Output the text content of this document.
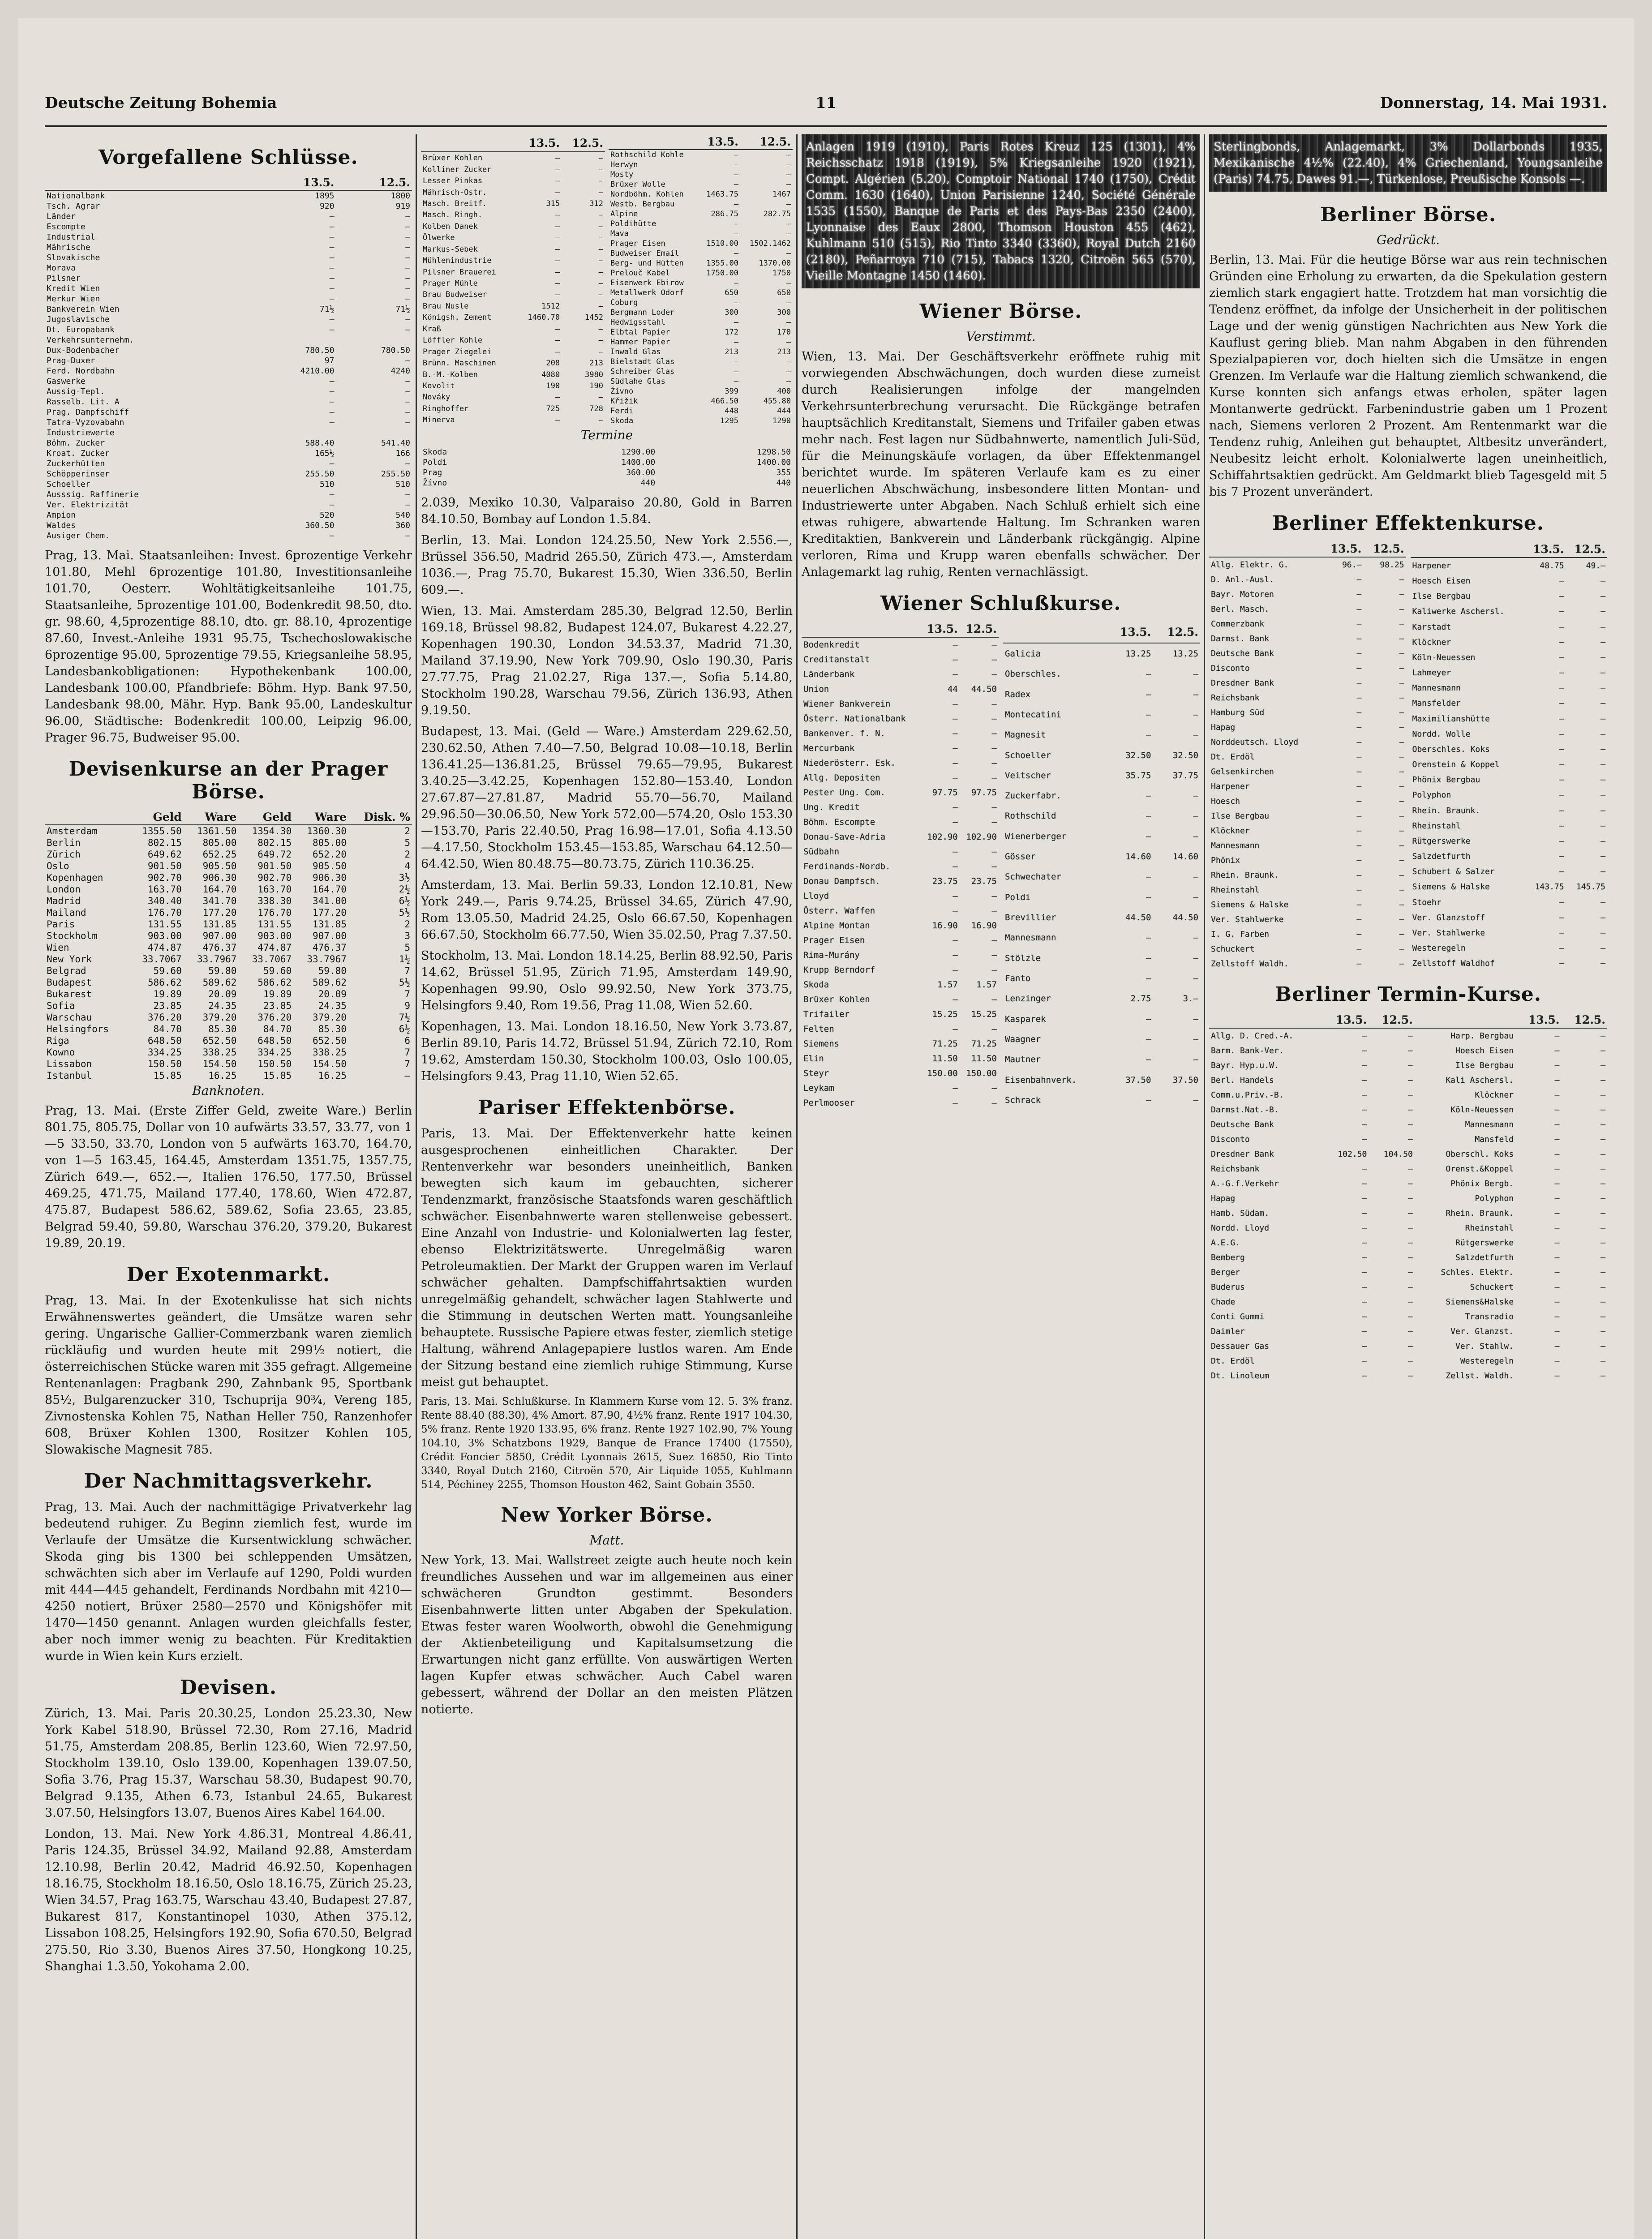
Deutsche Zeitung Bohemia	11	Donnerstag, 14. Mai 1931.
Vorgefallene Schlüsse.
	13.5.	12.5.
Nationalbank	1895	1800
Tsch. Agrar	920	919
Länder	—	—
Escompte	—	—
Industrial	—	—
Mährische	—	—
Slovakische	—	—
Morava	—	—
Pilsner	—	—
Kredit Wien	—	—
Merkur Wien	—	—
Bankverein Wien	71½	71½
Jugoslavische	—	—
Dt. Europabank	—	—
Verkehrsunternehm.		
Dux-Bodenbacher	780.50	780.50
Prag-Duxer	97	—
Ferd. Nordbahn	4210.00	4240
Gaswerke	—	—
Aussig-Tepl.	—	—
Rasselb. Lit. A	—	—
Prag. Dampfschiff	—	—
Tatra-Vyzovabahn	—	—
Industriewerte		
Böhm. Zucker	588.40	541.40
Kroat. Zucker	165½	166
Zuckerhütten	—	—
Schöpperinser	255.50	255.50
Schoeller	510	510
Ausssig. Raffinerie	—	—
Ver. Elektrizität	—	—
Ampion	520	540
Waldes	360.50	360
Ausiger Chem.	—	—

Prag, 13. Mai. Staatsanleihen: Invest. 6prozentige Verkehr 101.80, Mehl 6prozentige 101.80, Investitionsanleihe 101.70, Oesterr. Wohltätigkeitsanleihe 101.75, Staatsanleihe, 5prozentige 101.00, Bodenkredit 98.50, dto. gr. 98.60, 4,5prozentige 88.10, dto. gr. 88.10, 4prozentige 87.60, Invest.-Anleihe 1931 95.75, Tschechoslowakische 6prozentige 95.00, 5prozentige 79.55, Kriegsanleihe 58.95, Landesbankobligationen: Hypothekenbank 100.00, Landesbank 100.00, Pfandbriefe: Böhm. Hyp. Bank 97.50, Landesbank 98.00, Mähr. Hyp. Bank 95.00, Landeskultur 96.00, Städtische: Bodenkredit 100.00, Leipzig 96.00, Prager 96.75, Budweiser 95.00.

Devisenkurse an der Prager Börse.
	Geld	Ware	Geld	Ware	Disk. %
Amsterdam	1355.50	1361.50	1354.30	1360.30	2
Berlin	802.15	805.00	802.15	805.00	5
Zürich	649.62	652.25	649.72	652.20	2
Oslo	901.50	905.50	901.50	905.50	4
Kopenhagen	902.70	906.30	902.70	906.30	3½
London	163.70	164.70	163.70	164.70	2½
Madrid	340.40	341.70	338.30	341.00	6½
Mailand	176.70	177.20	176.70	177.20	5½
Paris	131.55	131.85	131.55	131.85	2
Stockholm	903.00	907.00	903.00	907.00	3
Wien	474.87	476.37	474.87	476.37	5
New York	33.7067	33.7967	33.7067	33.7967	1½
Belgrad	59.60	59.80	59.60	59.80	7
Budapest	586.62	589.62	586.62	589.62	5½
Bukarest	19.89	20.09	19.89	20.09	7
Sofia	23.85	24.35	23.85	24.35	9
Warschau	376.20	379.20	376.20	379.20	7½
Helsingfors	84.70	85.30	84.70	85.30	6½
Riga	648.50	652.50	648.50	652.50	6
Kowno	334.25	338.25	334.25	338.25	7
Lissabon	150.50	154.50	150.50	154.50	7
Istanbul	15.85	16.25	15.85	16.25	—
Banknoten.

Prag, 13. Mai. (Erste Ziffer Geld, zweite Ware.) Berlin 801.75, 805.75, Dollar von 10 aufwärts 33.57, 33.77, von 1—5 33.50, 33.70, London von 5 aufwärts 163.70, 164.70, von 1—5 163.45, 164.45, Amsterdam 1351.75, 1357.75, Zürich 649.—, 652.—, Italien 176.50, 177.50, Brüssel 469.25, 471.75, Mailand 177.40, 178.60, Wien 472.87, 475.87, Budapest 586.62, 589.62, Sofia 23.65, 23.85, Belgrad 59.40, 59.80, Warschau 376.20, 379.20, Bukarest 19.89, 20.19.

Der Exotenmarkt.

Prag, 13. Mai. In der Exotenkulisse hat sich nichts Erwähnenswertes geändert, die Umsätze waren sehr gering. Ungarische Gallier-Commerzbank waren ziemlich rückläufig und wurden heute mit 299½ notiert, die österreichischen Stücke waren mit 355 gefragt. Allgemeine Rentenanlagen: Pragbank 290, Zahnbank 95, Sportbank 85½, Bulgarenzucker 310, Tschuprija 90¾, Vereng 185, Zivnostenska Kohlen 75, Nathan Heller 750, Ranzenhofer 608, Brüxer Kohlen 1300, Rositzer Kohlen 105, Slowakische Magnesit 785.

Der Nachmittagsverkehr.

Prag, 13. Mai. Auch der nachmittägige Privatverkehr lag bedeutend ruhiger. Zu Beginn ziemlich fest, wurde im Verlaufe der Umsätze die Kursentwicklung schwächer. Skoda ging bis 1300 bei schleppenden Umsätzen, schwächten sich aber im Verlaufe auf 1290, Poldi wurden mit 444—445 gehandelt, Ferdinands Nordbahn mit 4210—4250 notiert, Brüxer 2580—2570 und Königshöfer mit 1470—1450 genannt. Anlagen wurden gleichfalls fester, aber noch immer wenig zu beachten. Für Kreditaktien wurde in Wien kein Kurs erzielt.

Devisen.

Zürich, 13. Mai. Paris 20.30.25, London 25.23.30, New York Kabel 518.90, Brüssel 72.30, Rom 27.16, Madrid 51.75, Amsterdam 208.85, Berlin 123.60, Wien 72.97.50, Stockholm 139.10, Oslo 139.00, Kopenhagen 139.07.50, Sofia 3.76, Prag 15.37, Warschau 58.30, Budapest 90.70, Belgrad 9.135, Athen 6.73, Istanbul 24.65, Bukarest 3.07.50, Helsingfors 13.07, Buenos Aires Kabel 164.00.

London, 13. Mai. New York 4.86.31, Montreal 4.86.41, Paris 124.35, Brüssel 34.92, Mailand 92.88, Amsterdam 12.10.98, Berlin 20.42, Madrid 46.92.50, Kopenhagen 18.16.75, Stockholm 18.16.50, Oslo 18.16.75, Zürich 25.23, Wien 34.57, Prag 163.75, Warschau 43.40, Budapest 27.87, Bukarest 817, Konstantinopel 1030, Athen 375.12, Lissabon 108.25, Helsingfors 192.90, Sofia 670.50, Belgrad 275.50, Rio 3.30, Buenos Aires 37.50, Hongkong 10.25, Shanghai 1.3.50, Yokohama 2.00.

	13.5.	12.5.
Brüxer Kohlen	—	—
Kolliner Zucker	—	—
Lesser Pinkas	—	—
Mährisch-Ostr.	—	—
Masch. Breitf.	315	312
Masch. Ringh.	—	—
Kolben Danek	—	—
Ölwerke	—	—
Markus-Sebek	—	—
Mühlenindustrie	—	—
Pilsner Brauerei	—	—
Prager Mühle	—	—
Brau Budweiser	—	—
Brau Nusle	1512	—
Königsh. Zement	1460.70	1452
Kraß	—	—
Löffler Kohle	—	—
Prager Ziegelei	—	—
Brünn. Maschinen	208	213
B.-M.-Kolben	4080	3980
Kovolit	190	190
Nováky	—	—
Ringhoffer	725	728
Minerva	—	—
	13.5.	12.5.
Rothschild Kohle	—	—
Herwyn	—	—
Mosty	—	—
Brüxer Wolle	—	—
Nordböhm. Kohlen	1463.75	1467
Westb. Bergbau	—	—
Alpine	286.75	282.75
Poldihütte	—	—
Mava	—	—
Prager Eisen	1510.00	1502.1462
Budweiser Email	—	—
Berg- und Hütten	1355.00	1370.00
Prelouč Kabel	1750.00	1750
Eisenwerk Ebirow	—	—
Metallwerk Odorf	650	650
Coburg	—	—
Bergmann Loder	300	300
Hedwigsstahl	—	—
Elbtal Papier	172	170
Hammer Papier	—	—
Inwald Glas	213	213
Bielstadt Glas	—	—
Schreiber Glas	—	—
Südlahe Glas	—	—
Žívno	399	400
Křižik	466.50	455.80
Ferdi	448	444
Skoda	1295	1290
Termine
Skoda	1290.00	1298.50
Poldi	1400.00	1400.00
Prag	360.00	355
Žívno	440	440

2.039, Mexiko 10.30, Valparaiso 20.80, Gold in Barren 84.10.50, Bombay auf London 1.5.84.

Berlin, 13. Mai. London 124.25.50, New York 2.556.—, Brüssel 356.50, Madrid 265.50, Zürich 473.—, Amsterdam 1036.—, Prag 75.70, Bukarest 15.30, Wien 336.50, Berlin 609.—.

Wien, 13. Mai. Amsterdam 285.30, Belgrad 12.50, Berlin 169.18, Brüssel 98.82, Budapest 124.07, Bukarest 4.22.27, Kopenhagen 190.30, London 34.53.37, Madrid 71.30, Mailand 37.19.90, New York 709.90, Oslo 190.30, Paris 27.77.75, Prag 21.02.27, Riga 137.—, Sofia 5.14.80, Stockholm 190.28, Warschau 79.56, Zürich 136.93, Athen 9.19.50.

Budapest, 13. Mai. (Geld — Ware.) Amsterdam 229.62.50, 230.62.50, Athen 7.40—7.50, Belgrad 10.08—10.18, Berlin 136.41.25—136.81.25, Brüssel 79.65—79.95, Bukarest 3.40.25—3.42.25, Kopenhagen 152.80—153.40, London 27.67.87—27.81.87, Madrid 55.70—56.70, Mailand 29.96.50—30.06.50, New York 572.00—574.20, Oslo 153.30—153.70, Paris 22.40.50, Prag 16.98—17.01, Sofia 4.13.50—4.17.50, Stockholm 153.45—153.85, Warschau 64.12.50—64.42.50, Wien 80.48.75—80.73.75, Zürich 110.36.25.

Amsterdam, 13. Mai. Berlin 59.33, London 12.10.81, New York 249.—, Paris 9.74.25, Brüssel 34.65, Zürich 47.90, Rom 13.05.50, Madrid 24.25, Oslo 66.67.50, Kopenhagen 66.67.50, Stockholm 66.77.50, Wien 35.02.50, Prag 7.37.50.

Stockholm, 13. Mai. London 18.14.25, Berlin 88.92.50, Paris 14.62, Brüssel 51.95, Zürich 71.95, Amsterdam 149.90, Kopenhagen 99.90, Oslo 99.92.50, New York 373.75, Helsingfors 9.40, Rom 19.56, Prag 11.08, Wien 52.60.

Kopenhagen, 13. Mai. London 18.16.50, New York 3.73.87, Berlin 89.10, Paris 14.72, Brüssel 51.94, Zürich 72.10, Rom 19.62, Amsterdam 150.30, Stockholm 100.03, Oslo 100.05, Helsingfors 9.43, Prag 11.10, Wien 52.65.

Pariser Effektenbörse.

Paris, 13. Mai. Der Effektenverkehr hatte keinen ausgesprochenen einheitlichen Charakter. Der Rentenverkehr war besonders uneinheitlich, Banken bewegten sich kaum im gebauchten, sicherer Tendenzmarkt, französische Staatsfonds waren geschäftlich schwächer. Eisenbahnwerte waren stellenweise gebessert. Eine Anzahl von Industrie- und Kolonialwerten lag fester, ebenso Elektrizitätswerte. Unregelmäßig waren Petroleumaktien. Der Markt der Gruppen waren im Verlauf schwächer gehalten. Dampfschiffahrtsaktien wurden unregelmäßig gehandelt, schwächer lagen Stahlwerte und die Stimmung in deutschen Werten matt. Youngsanleihe behauptete. Russische Papiere etwas fester, ziemlich stetige Haltung, während Anlagepapiere lustlos waren. Am Ende der Sitzung bestand eine ziemlich ruhige Stimmung, Kurse meist gut behauptet.

Paris, 13. Mai. Schlußkurse. In Klammern Kurse vom 12. 5. 3% franz. Rente 88.40 (88.30), 4% Amort. 87.90, 4½% franz. Rente 1917 104.30, 5% franz. Rente 1920 133.95, 6% franz. Rente 1927 102.90, 7% Young 104.10, 3% Schatzbons 1929, Banque de France 17400 (17550), Crédit Foncier 5850, Crédit Lyonnais 2615, Suez 16850, Rio Tinto 3340, Royal Dutch 2160, Citroën 570, Air Liquide 1055, Kuhlmann 514, Péchiney 2255, Thomson Houston 462, Saint Gobain 3550.

New Yorker Börse.
Matt.

New York, 13. Mai. Wallstreet zeigte auch heute noch kein freundliches Aussehen und war im allgemeinen aus einer schwächeren Grundton gestimmt. Besonders Eisenbahnwerte litten unter Abgaben der Spekulation. Etwas fester waren Woolworth, obwohl die Genehmigung der Aktienbeteiligung und Kapitalsumsetzung die Erwartungen nicht ganz erfüllte. Von auswärtigen Werten lagen Kupfer etwas schwächer. Auch Cabel waren gebessert, während der Dollar an den meisten Plätzen notierte.

Anlagen 1919 (1910), Paris Rotes Kreuz 125 (1301), 4% Reichsschatz 1918 (1919), 5% Kriegsanleihe 1920 (1921), Compt. Algérien (5.20), Comptoir National 1740 (1750), Crédit Comm. 1630 (1640), Union Parisienne 1240, Société Générale 1535 (1550), Banque de Paris et des Pays-Bas 2350 (2400), Lyonnaise des Eaux 2800, Thomson Houston 455 (462), Kuhlmann 510 (515), Rio Tinto 3340 (3360), Royal Dutch 2160 (2180), Peñarroya 710 (715), Tabacs 1320, Citroën 565 (570), Vieille Montagne 1450 (1460).
Wiener Börse.
Verstimmt.

Wien, 13. Mai. Der Geschäftsverkehr eröffnete ruhig mit vorwiegenden Abschwächungen, doch wurden diese zumeist durch Realisierungen infolge der mangelnden Verkehrsunterbrechung verursacht. Die Rückgänge betrafen hauptsächlich Kreditanstalt, Siemens und Trifailer gaben etwas mehr nach. Fest lagen nur Südbahnwerte, namentlich Juli-Süd, für die Meinungskäufe vorlagen, da über Effektenmangel berichtet wurde. Im späteren Verlaufe kam es zu einer neuerlichen Abschwächung, insbesondere litten Montan- und Industriewerte unter Abgaben. Nach Schluß erhielt sich eine etwas ruhigere, abwartende Haltung. Im Schranken waren Kreditaktien, Bankverein und Länderbank rückgängig. Alpine verloren, Rima und Krupp waren ebenfalls schwächer. Der Anlagemarkt lag ruhig, Renten vernachlässigt.

Wiener Schlußkurse.
	13.5.	12.5.
Bodenkredit	—	—
Creditanstalt	—	—
Länderbank	—	—
Union	44	44.50
Wiener Bankverein	—	—
Österr. Nationalbank	—	—
Bankenver. f. N.	—	—
Mercurbank	—	—
Niederösterr. Esk.	—	—
Allg. Depositen	—	—
Pester Ung. Com.	97.75	97.75
Ung. Kredit	—	—
Böhm. Escompte	—	—
Donau-Save-Adria	102.90	102.90
Südbahn	—	—
Ferdinands-Nordb.	—	—
Donau Dampfsch.	23.75	23.75
Lloyd	—	—
Österr. Waffen	—	—
Alpine Montan	16.90	16.90
Prager Eisen	—	—
Rima-Murány	—	—
Krupp Berndorf	—	—
Skoda	1.57	1.57
Brüxer Kohlen	—	—
Trifailer	15.25	15.25
Felten	—	—
Siemens	71.25	71.25
Elin	11.50	11.50
Steyr	150.00	150.00
Leykam	—	—
Perlmooser	—	—
	13.5.	12.5.
Galicia	13.25	13.25
Oberschles.	—	—
Radex	—	—
Montecatini	—	—
Magnesit	—	—
Schoeller	32.50	32.50
Veitscher	35.75	37.75
Zuckerfabr.	—	—
Rothschild	—	—
Wienerberger	—	—
Gösser	14.60	14.60
Schwechater	—	—
Poldi	—	—
Brevillier	44.50	44.50
Mannesmann	—	—
Stölzle	—	—
Fanto	—	—
Lenzinger	2.75	3.—
Kasparek	—	—
Waagner	—	—
Mautner	—	—
Eisenbahnverk.	37.50	37.50
Schrack	—	—
Sterlingbonds, Anlagemarkt, 3% Dollarbonds 1935, Mexikanische 4½% (22.40), 4% Griechenland, Youngsanleihe (Paris) 74.75, Dawes 91.—, Türkenlose, Preußische Konsols —.
Berliner Börse.
Gedrückt.

Berlin, 13. Mai. Für die heutige Börse war aus rein technischen Gründen eine Erholung zu erwarten, da die Spekulation gestern ziemlich stark engagiert hatte. Trotzdem hat man vorsichtig die Tendenz eröffnet, da infolge der Unsicherheit in der politischen Lage und der wenig günstigen Nachrichten aus New York die Kauflust gering blieb. Man nahm Abgaben in den führenden Spezialpapieren vor, doch hielten sich die Umsätze in engen Grenzen. Im Verlaufe war die Haltung ziemlich schwankend, die Kurse konnten sich anfangs etwas erholen, später lagen Montanwerte gedrückt. Farbenindustrie gaben um 1 Prozent nach, Siemens verloren 2 Prozent. Am Rentenmarkt war die Tendenz ruhig, Anleihen gut behauptet, Altbesitz unverändert, Neubesitz leicht erholt. Kolonialwerte lagen uneinheitlich, Schiffahrtsaktien gedrückt. Am Geldmarkt blieb Tagesgeld mit 5 bis 7 Prozent unverändert.

Berliner Effektenkurse.
	13.5.	12.5.
Allg. Elektr. G.	96.—	98.25
D. Anl.-Ausl.	—	—
Bayr. Motoren	—	—
Berl. Masch.	—	—
Commerzbank	—	—
Darmst. Bank	—	—
Deutsche Bank	—	—
Disconto	—	—
Dresdner Bank	—	—
Reichsbank	—	—
Hamburg Süd	—	—
Hapag	—	—
Norddeutsch. Lloyd	—	—
Dt. Erdöl	—	—
Gelsenkirchen	—	—
Harpener	—	—
Hoesch	—	—
Ilse Bergbau	—	—
Klöckner	—	—
Mannesmann	—	—
Phönix	—	—
Rhein. Braunk.	—	—
Rheinstahl	—	—
Siemens & Halske	—	—
Ver. Stahlwerke	—	—
I. G. Farben	—	—
Schuckert	—	—
Zellstoff Waldh.	—	—
	13.5.	12.5.
Harpener	48.75	49.—
Hoesch Eisen	—	—
Ilse Bergbau	—	—
Kaliwerke Aschersl.	—	—
Karstadt	—	—
Klöckner	—	—
Köln-Neuessen	—	—
Lahmeyer	—	—
Mannesmann	—	—
Mansfelder	—	—
Maximilianshütte	—	—
Nordd. Wolle	—	—
Oberschles. Koks	—	—
Orenstein & Koppel	—	—
Phönix Bergbau	—	—
Polyphon	—	—
Rhein. Braunk.	—	—
Rheinstahl	—	—
Rütgerswerke	—	—
Salzdetfurth	—	—
Schubert & Salzer	—	—
Siemens & Halske	143.75	145.75
Stoehr	—	—
Ver. Glanzstoff	—	—
Ver. Stahlwerke	—	—
Westeregeln	—	—
Zellstoff Waldhof	—	—
Berliner Termin-Kurse.
	13.5.	12.5.		13.5.	12.5.
Allg. D. Cred.-A.	—	—	Harp. Bergbau	—	—
Barm. Bank-Ver.	—	—	Hoesch Eisen	—	—
Bayr. Hyp.u.W.	—	—	Ilse Bergbau	—	—
Berl. Handels	—	—	Kali Aschersl.	—	—
Comm.u.Priv.-B.	—	—	Klöckner	—	—
Darmst.Nat.-B.	—	—	Köln-Neuessen	—	—
Deutsche Bank	—	—	Mannesmann	—	—
Disconto	—	—	Mansfeld	—	—
Dresdner Bank	102.50	104.50	Oberschl. Koks	—	—
Reichsbank	—	—	Orenst.&Koppel	—	—
A.-G.f.Verkehr	—	—	Phönix Bergb.	—	—
Hapag	—	—	Polyphon	—	—
Hamb. Südam.	—	—	Rhein. Braunk.	—	—
Nordd. Lloyd	—	—	Rheinstahl	—	—
A.E.G.	—	—	Rütgerswerke	—	—
Bemberg	—	—	Salzdetfurth	—	—
Berger	—	—	Schles. Elektr.	—	—
Buderus	—	—	Schuckert	—	—
Chade	—	—	Siemens&Halske	—	—
Conti Gummi	—	—	Transradio	—	—
Daimler	—	—	Ver. Glanzst.	—	—
Dessauer Gas	—	—	Ver. Stahlw.	—	—
Dt. Erdöl	—	—	Westeregeln	—	—
Dt. Linoleum	—	—	Zellst. Waldh.	—	—
